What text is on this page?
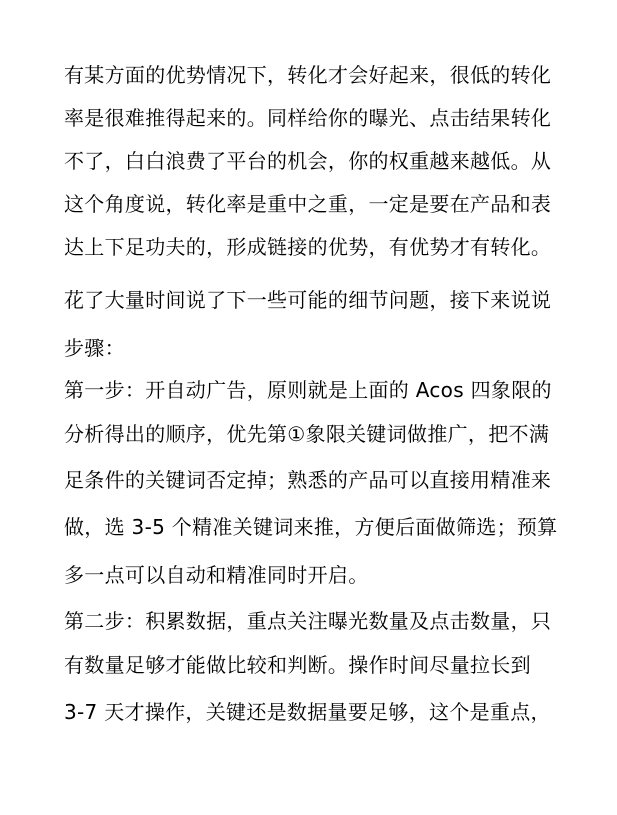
有某方面的优势情况下，转化才会好起来，很低的转化
率是很难推得起来的。同样给你的曝光、点击结果转化
不了，白白浪费了平台的机会，你的权重越来越低。从
这个角度说，转化率是重中之重，一定是要在产品和表
达上下足功夫的，形成链接的优势，有优势才有转化。
花了大量时间说了下一些可能的细节问题，接下来说说
步骤：
第一步：开自动广告，原则就是上面的 Acos 四象限的
分析得出的顺序，优先第①象限关键词做推广，把不满
足条件的关键词否定掉；熟悉的产品可以直接用精准来
做，选 3-5 个精准关键词来推，方便后面做筛选；预算
多一点可以自动和精准同时开启。
第二步：积累数据，重点关注曝光数量及点击数量，只
有数量足够才能做比较和判断。操作时间尽量拉长到
3-7 天才操作，关键还是数据量要足够，这个是重点，
